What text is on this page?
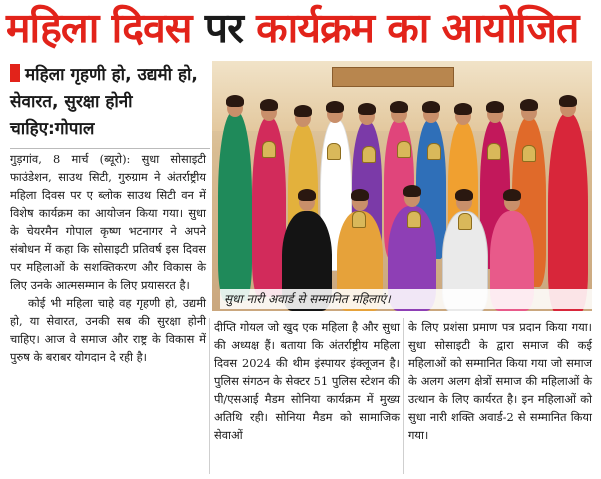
महिला दिवस पर कार्यक्रम का आयोजित
महिला गृहणी हो, उद्यमी हो, सेवारत, सुरक्षा होनी चाहिए:गोपाल
सुधा नारी अवार्ड से सम्मानित महिलाएं।

गुड़गांव, 8 मार्च (ब्यूरो): सुधा सोसाइटी फाउंडेशन, साउथ सिटी, गुरुग्राम ने अंतर्राष्ट्रीय महिला दिवस पर ए ब्लोक साउथ सिटी वन में विशेष कार्यक्रम का आयोजन किया गया। सुधा के चेयरमैन गोपाल कृष्ण भटनागर ने अपने संबोधन में कहा कि सोसाइटी प्रतिवर्ष इस दिवस पर महिलाओं के सशक्तिकरण और विकास के लिए उनके आत्मसम्मान के लिए प्रयासरत है।

कोई भी महिला चाहे वह गृहणी हो, उद्यमी हो, या सेवारत, उनकी सब की सुरक्षा होनी चाहिए। आज वे समाज और राष्ट्र के विकास में पुरुष के बराबर योगदान दे रही है।

दीप्ति गोयल जो खुद एक महिला है और सुधा की अध्यक्ष हैं। बताया कि अंतर्राष्ट्रीय महिला दिवस 2024 की थीम इंस्पायर इंक्लूजन है। पुलिस संगठन के सेक्टर 51 पुलिस स्टेशन की पी/एसआई मैडम सोनिया कार्यक्रम में मुख्य अतिथि रही। सोनिया मैडम को सामाजिक सेवाओं

के लिए प्रशंसा प्रमाण पत्र प्रदान किया गया। सुधा सोसाइटी के द्वारा समाज की कई महिलाओं को सम्मानित किया गया जो समाज के अलग अलग क्षेत्रों समाज की महिलाओं के उत्थान के लिए कार्यरत है। इन महिलाओं को सुधा नारी शक्ति अवार्ड-2 से सम्मानित किया गया।
